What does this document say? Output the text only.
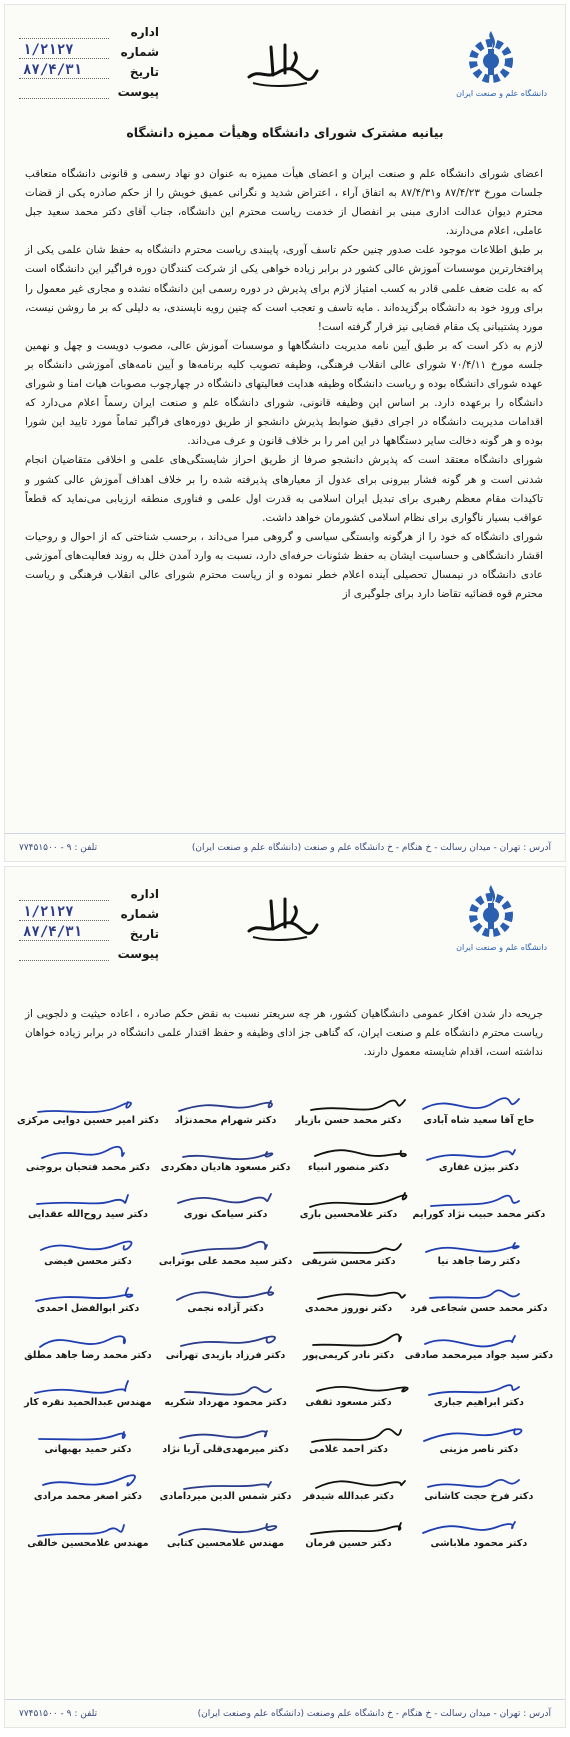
اداره
شماره
۱/۲۱۲۷
تاریخ
۸۷/۴/۳۱
پیوست	دانشگاه علم و صنعت ایران
بیانیه مشترک شورای دانشگاه وهیأت ممیزه دانشگاه

اعضای شورای دانشگاه علم و صنعت ایران و اعضای هیأت ممیزه به عنوان دو نهاد رسمی و قانونی دانشگاه متعاقب جلسات مورخ ۸۷/۴/۲۳ و۸۷/۴/۳۱ به اتفاق آراء ، اعتراض شدید و نگرانی عمیق خویش را از حکم صادره یکی از قضات محترم دیوان عدالت اداری مبنی بر انفصال از خدمت ریاست محترم این دانشگاه، جناب آقای دکتر محمد سعید جبل عاملی، اعلام می‌دارند.

بر طبق اطلاعات موجود علت صدور چنین حکم تاسف آوری، پایبندی ریاست محترم دانشگاه به حفظ شان علمی یکی از پرافتخارترین موسسات آموزش عالی کشور در برابر زیاده خواهی یکی از شرکت کنندگان دوره فراگیر این دانشگاه است که به علت ضعف علمی قادر به کسب امتیاز لازم برای پذیرش در دوره رسمی این دانشگاه نشده و مجاری غیر معمول را برای ورود خود به دانشگاه برگزیده‌اند . مایه تاسف و تعجب است که چنین رویه ناپسندی، به دلیلی که بر ما روشن نیست، مورد پشتیبانی یک مقام قضایی نیز قرار گرفته است!

لازم به ذکر است که بر طبق آیین نامه مدیریت دانشگاهها و موسسات آموزش عالی، مصوب دویست و چهل و نهمین جلسه مورخ ۷۰/۴/۱۱ شورای عالی انقلاب فرهنگی، وظیفه تصویب کلیه برنامه‌ها و آیین نامه‌های آموزشی دانشگاه بر عهده شورای دانشگاه بوده و ریاست دانشگاه وظیفه هدایت فعالیتهای دانشگاه در چهارچوب مصوبات هیات امنا و شورای دانشگاه را برعهده دارد. بر اساس این وظیفه قانونی، شورای دانشگاه علم و صنعت ایران رسماً اعلام می‌دارد که اقدامات مدیریت دانشگاه در اجرای دقیق ضوابط پذیرش دانشجو از طریق دوره‌های فراگیر تماماً مورد تایید این شورا بوده و هر گونه دخالت سایر دستگاهها در این امر را بر خلاف قانون و عرف می‌داند.

شورای دانشگاه معتقد است که پذیرش دانشجو صرفا از طریق احراز شایستگی‌های علمی و اخلاقی متقاضیان انجام شدنی است و هر گونه فشار بیرونی برای عدول از معیارهای پذیرفته شده را بر خلاف اهداف آموزش عالی کشور و تاکیدات مقام معظم رهبری برای تبدیل ایران اسلامی به قدرت اول علمی و فناوری منطقه ارزیابی می‌نماید که قطعاً عواقب بسیار ناگواری برای نظام اسلامی کشورمان خواهد داشت.

شورای دانشگاه که خود را از هرگونه وابستگی سیاسی و گروهی مبرا می‌داند ، برحسب شناختی که از احوال و روحیات اقشار دانشگاهی و حساسیت ایشان به حفظ شئونات حرفه‌ای دارد، نسبت به وارد آمدن خلل به روند فعالیت‌های آموزشی عادی دانشگاه در نیمسال تحصیلی آینده اعلام خطر نموده و از ریاست محترم شورای عالی انقلاب فرهنگی و ریاست محترم قوه قضائیه تقاضا دارد برای جلوگیری از

آدرس : تهران - میدان رسالت - خ هنگام - خ دانشگاه علم و صنعت (دانشگاه علم و صنعت ایران)
تلفن : ۹ - ۷۷۴۵۱۵۰۰
اداره
شماره
۱/۲۱۲۷
تاریخ
۸۷/۴/۳۱
پیوست	دانشگاه علم و صنعت ایران
جریحه دار شدن افکار عمومی دانشگاهیان کشور، هر چه سریعتر نسبت به نقض حکم صادره ، اعاده حیثیت و دلجویی از ریاست محترم دانشگاه علم و صنعت ایران، که گناهی جز ادای وظیفه و حفظ اقتدار علمی دانشگاه در برابر زیاده خواهان نداشته است، اقدام شایسته معمول دارند.
حاج آقا سعید شاه آبادی
دکتر محمد حسن بازیار
دکتر شهرام محمدنژاد
دکتر امیر حسین دوایی مرکزی
دکتر بیژن غفاری
دکتر منصور انبیاء
دکتر مسعود هادیان دهکردی
دکتر محمد فتحیان بروجنی
دکتر محمد حبیب نژاد کورایم
دکتر غلامحسین باری
دکتر سیامک نوری
دکتر سید روح‌الله عقدایی
دکتر رضا جاهد نیا
دکتر محسن شریفی
دکتر سید محمد علی بوترابی
دکتر محسن فیضی
دکتر محمد حسن شجاعی فرد
دکتر نوروز محمدی
دکتر آزاده نجمی
دکتر ابوالفضل احمدی
دکتر سید جواد میرمحمد صادقی
دکتر نادر کریمی‌پور
دکتر فرزاد بازیدی تهرانی
دکتر محمد رضا جاهد مطلق
دکتر ابراهیم جباری
دکتر مسعود ثقفی
دکتر محمود مهرداد شکریه
مهندس عبدالحمید نقره کار
دکتر ناصر مزینی
دکتر احمد غلامی
دکتر میرمهدی‌قلی آریا نژاد
دکتر حمید بهبهانی
دکتر فرخ حجت کاشانی
دکتر عبدالله شیدفر
دکتر شمس الدین میردامادی
دکتر اصغر محمد مرادی
دکتر محمود ملاباشی
دکتر حسین فرمان
مهندس غلامحسین کتابی
مهندس غلامحسین خالقی
آدرس : تهران - میدان رسالت - خ هنگام - خ دانشگاه علم وصنعت (دانشگاه علم وصنعت ایران)
تلفن : ۹ - ۷۷۴۵۱۵۰۰
